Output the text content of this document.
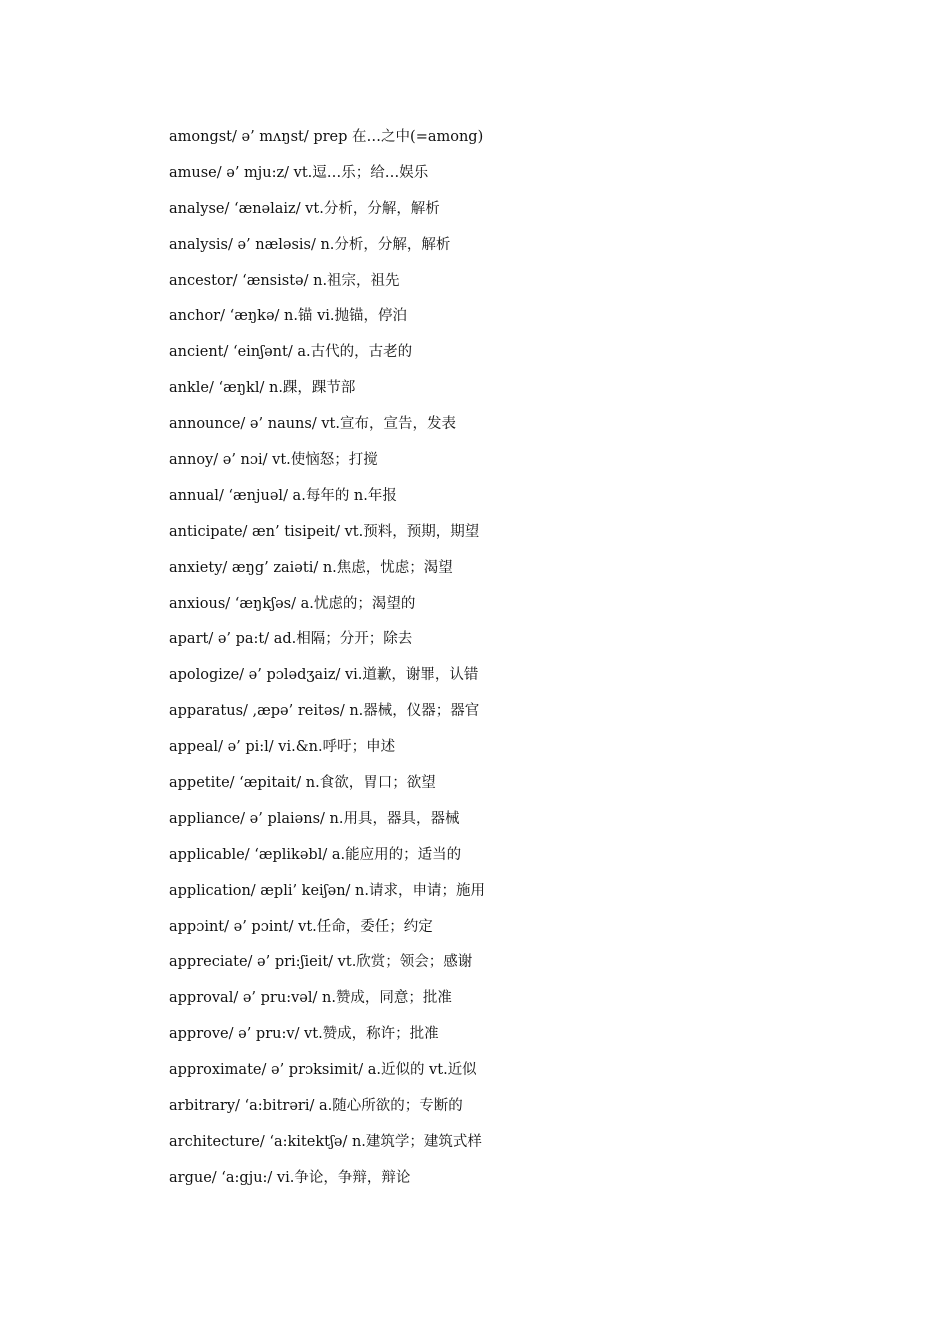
amongst/ ə’ mʌŋst/ prep 在…之中(=among)
amuse/ ə’ mju:z/ vt.逗…乐；给…娱乐
analyse/ ‘ænəlaiz/ vt.分析，分解，解析
analysis/ ə’ næləsis/ n.分析，分解，解析
ancestor/ ‘ænsistə/ n.祖宗，祖先
anchor/ ‘æŋkə/ n.锚 vi.抛锚，停泊
ancient/ ‘einʃənt/ a.古代的，古老的
ankle/ ‘æŋkl/ n.踝，踝节部
announce/ ə’ nauns/ vt.宣布，宣告，发表
annoy/ ə’ nɔi/ vt.使恼怒；打搅
annual/ ‘ænjuəl/ a.每年的 n.年报
anticipate/ æn’ tisipeit/ vt.预料，预期，期望
anxiety/ æŋg’ zaiəti/ n.焦虑，忧虑；渴望
anxious/ ‘æŋkʃəs/ a.忧虑的；渴望的
apart/ ə’ pa:t/ ad.相隔；分开；除去
apologize/ ə’ pɔlədʒaiz/ vi.道歉，谢罪，认错
apparatus/ ,æpə’ reitəs/ n.器械，仪器；器官
appeal/ ə’ pi:l/ vi.&n.呼吁；申述
appetite/ ‘æpitait/ n.食欲，胃口；欲望
appliance/ ə’ plaiəns/ n.用具，器具，器械
applicable/ ‘æplikəbl/ a.能应用的；适当的
application/ æpli’ keiʃən/ n.请求，申请；施用
appɔint/ ə’ pɔint/ vt.任命，委任；约定
appreciate/ ə’ pri:ʃieit/ vt.欣赏；领会；感谢
approval/ ə’ pru:vəl/ n.赞成，同意；批准
approve/ ə’ pru:v/ vt.赞成，称许；批准
approximate/ ə’ prɔksimit/ a.近似的 vt.近似
arbitrary/ ‘a:bitrəri/ a.随心所欲的；专断的
architecture/ ‘a:kitektʃə/ n.建筑学；建筑式样
argue/ ‘a:gju:/ vi.争论，争辩，辩论
